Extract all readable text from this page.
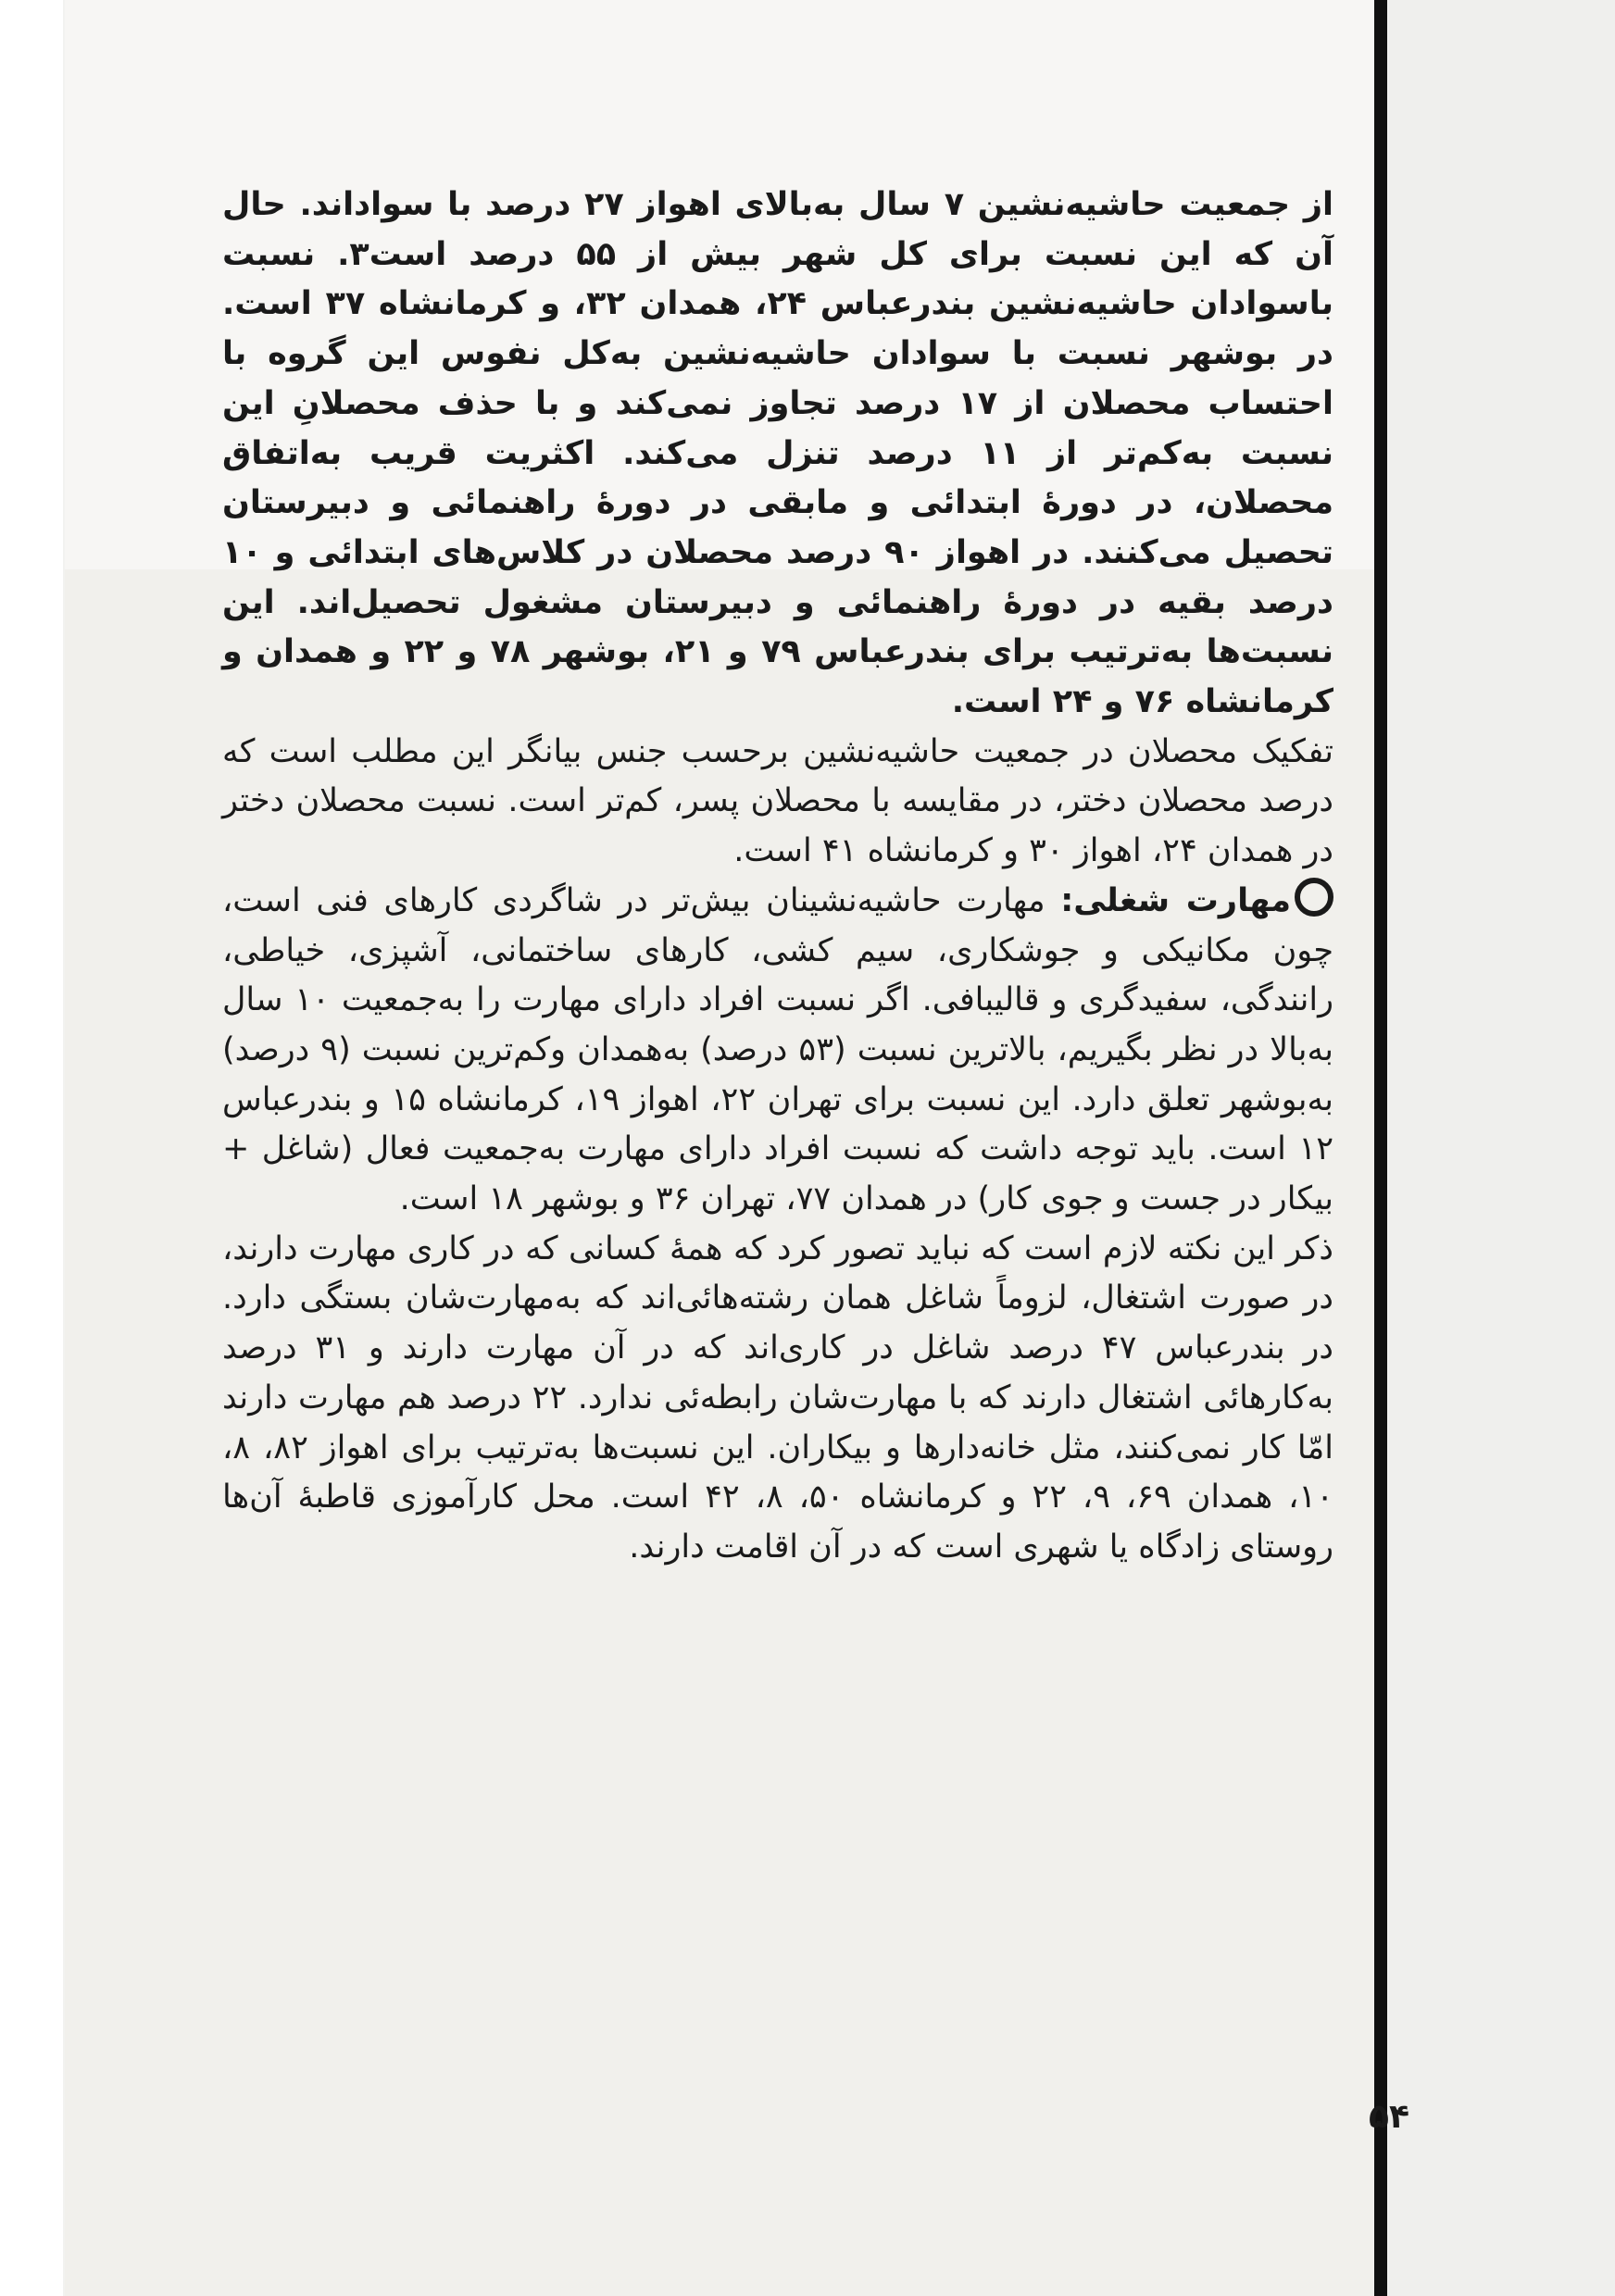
از جمعیت حاشیه‌نشین ۷ سال به‌بالای اهواز ۲۷ درصد با سواداند. حال آن که این نسبت برای کل شهر بیش از ۵۵ درصد است۳. نسبت باسوادان حاشیه‌نشین بندرعباس ۲۴، همدان ۳۲، و کرمانشاه ۳۷ است. در بوشهر نسبت با سوادان حاشیه‌نشین به‌کل نفوس این گروه با احتساب محصلان از ۱۷ درصد تجاوز نمی‌کند و با حذف محصلانِ این نسبت به‌کم‌تر از ۱۱ درصد تنزل می‌کند. اکثریت قریب به‌اتفاق محصلان، در دورهٔ ابتدائی و مابقی در دورهٔ راهنمائی و دبیرستان تحصیل می‌کنند. در اهواز ۹۰ درصد محصلان در کلاس‌های ابتدائی و ۱۰ درصد بقیه در دورهٔ راهنمائی و دبیرستان مشغول تحصیل‌اند. این نسبت‌ها به‌ترتیب برای بندرعباس ۷۹ و ۲۱، بوشهر ۷۸ و ۲۲ و همدان و کرمانشاه ۷۶ و ۲۴ است.

تفکیک محصلان در جمعیت حاشیه‌نشین برحسب جنس بیانگر این مطلب است که درصد محصلان دختر، در مقایسه با محصلان پسر، کم‌تر است. نسبت محصلان دختر در همدان ۲۴، اهواز ۳۰ و کرمانشاه ۴۱ است.

مهارت شغلی: مهارت حاشیه‌نشینان بیش‌تر در شاگردی کارهای فنی است، چون مکانیکی و جوشکاری، سیم کشی، کارهای ساختمانی، آشپزی، خیاطی، رانندگی، سفیدگری و قالیبافی. اگر نسبت افراد دارای مهارت را به‌جمعیت ۱۰ سال به‌بالا در نظر بگیریم، بالاترین نسبت (۵۳ درصد) به‌همدان وکم‌ترین نسبت (۹ درصد) به‌بوشهر تعلق دارد. این نسبت برای تهران ۲۲، اهواز ۱۹، کرمانشاه ۱۵ و بندرعباس ۱۲ است. باید توجه داشت که نسبت افراد دارای مهارت به‌جمعیت فعال (شاغل + بیکار در جست و جوی کار) در همدان ۷۷، تهران ۳۶ و بوشهر ۱۸ است.

ذکر این نکته لازم است که نباید تصور کرد که همهٔ کسانی که در کاری مهارت دارند، در صورت اشتغال، لزوماً شاغل همان رشته‌هائی‌اند که به‌مهارت‌شان بستگی دارد. در بندرعباس ۴۷ درصد شاغل در کاری‌اند که در آن مهارت دارند و ۳۱ درصد به‌کارهائی اشتغال دارند که با مهارت‌شان رابطه‌ئی ندارد. ۲۲ درصد هم مهارت دارند امّا کار نمی‌کنند، مثل خانه‌دارها و بیکاران. این نسبت‌ها به‌ترتیب برای اهواز ۸۲، ۸، ۱۰، همدان ۶۹، ۹، ۲۲ و کرمانشاه ۵۰، ۸، ۴۲ است. محل کارآموزی قاطبهٔ آن‌ها روستای زادگاه یا شهری است که در آن اقامت دارند.

۵۴
